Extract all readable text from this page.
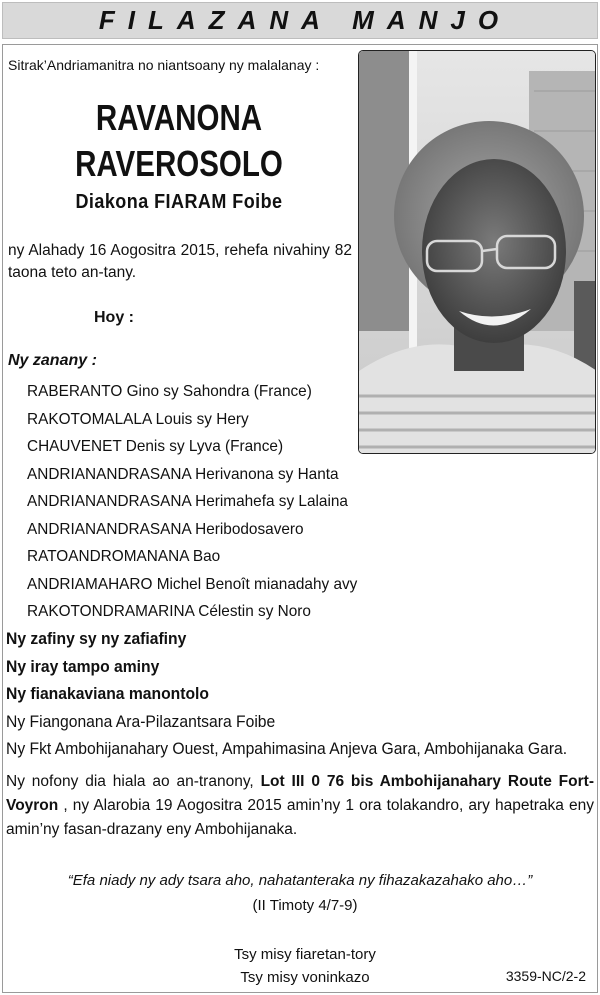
FILAZANA MANJO
Sitrak’Andriamanitra no niantsoany ny malalanay :
RAVANONA
RAVEROSOLO
Diakona FIARAM Foibe
ny Alahady 16 Aogositra 2015, rehefa nivahiny 82 taona teto an-tany.
Hoy :
Ny zanany :
RABERANTO Gino sy Sahondra (France)
RAKOTOMALALA Louis sy Hery
CHAUVENET Denis sy Lyva (France)
ANDRIANANDRASANA Herivanona sy Hanta
ANDRIANANDRASANA Herimahefa sy Lalaina
ANDRIANANDRASANA Heribodosavero
RATOANDROMANANA Bao
ANDRIAMAHARO Michel Benoît mianadahy avy
RAKOTONDRAMARINA Célestin sy Noro
Ny zafiny sy ny zafiafiny
Ny iray tampo aminy
Ny fianakaviana manontolo
Ny Fiangonana Ara-Pilazantsara Foibe
Ny Fkt Ambohijanahary Ouest, Ampahimasina Anjeva Gara, Ambohijanaka Gara.
Ny nofony dia hiala ao an-tranony, Lot III 0 76 bis Ambohijanahary Route Fort-Voyron , ny Alarobia 19 Aogositra 2015 amin’ny 1 ora tolakandro, ary hapetraka eny amin’ny fasan-drazany eny Ambohijanaka.
“Efa niady ny ady tsara aho, nahatanteraka ny fihazakazahako aho…”
(II Timoty 4/7-9)
Tsy misy fiaretan-tory
Tsy misy voninkazo	3359-NC/2-2
